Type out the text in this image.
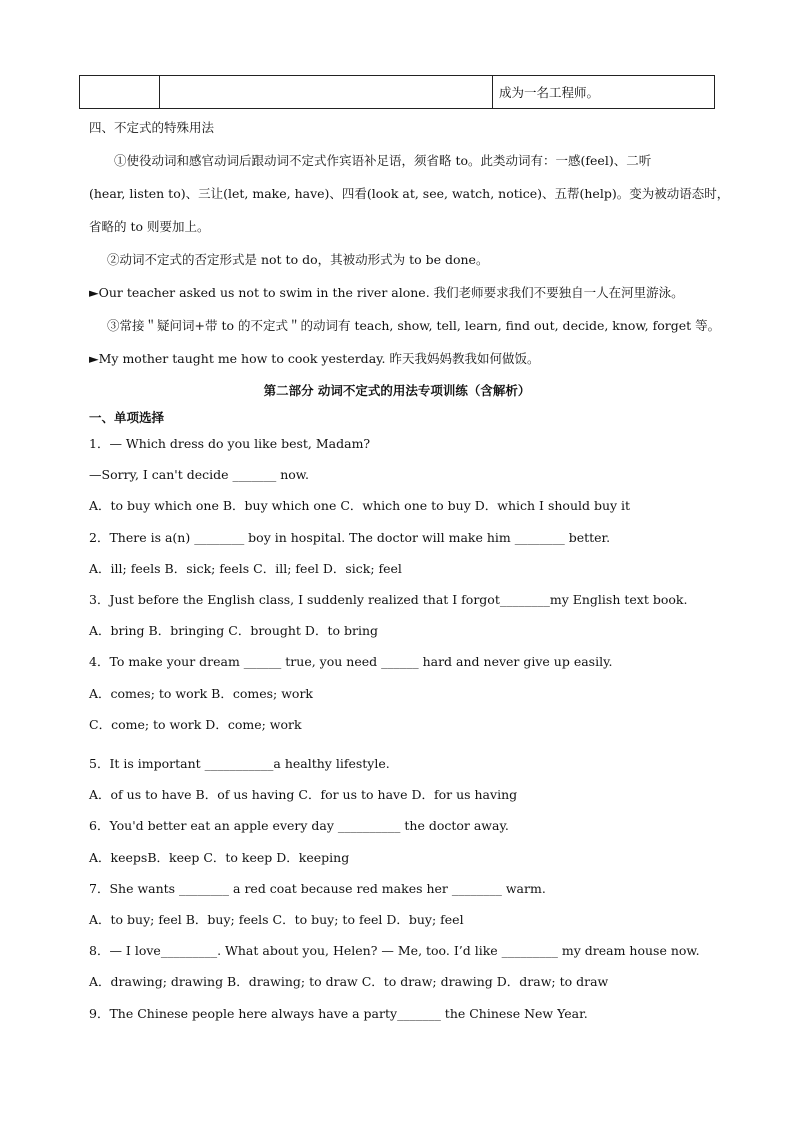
		成为一名工程师。
四、不定式的特殊用法
①使役动词和感官动词后跟动词不定式作宾语补足语，须省略 to。此类动词有：一感(feel)、二听
(hear, listen to)、三让(let, make, have)、四看(look at, see, watch, notice)、五帮(help)。变为被动语态时，
省略的 to 则要加上。
②动词不定式的否定形式是 not to do，其被动形式为 to be done。
►Our teacher asked us not to swim in the river alone. 我们老师要求我们不要独自一人在河里游泳。
③常接＂疑问词+带 to 的不定式＂的动词有 teach, show, tell, learn, find out, decide, know, forget 等。
►My mother taught me how to cook yesterday. 昨天我妈妈教我如何做饭。
第二部分 动词不定式的用法专项训练（含解析）
一、单项选择
1．— Which dress do you like best, Madam?
—Sorry, I can't decide _______ now.
A．to buy which one B．buy which one C．which one to buy D．which I should buy it
2．There is a(n) ________ boy in hospital. The doctor will make him ________ better.
A．ill; feels B．sick; feels C．ill; feel D．sick; feel
3．Just before the English class, I suddenly realized that I forgot________my English text book.
A．bring B．bringing C．brought D．to bring
4．To make your dream ______ true, you need ______ hard and never give up easily.
A．comes; to work B．comes; work
C．come; to work D．come; work
5．It is important ___________a healthy lifestyle.
A．of us to have B．of us having C．for us to have D．for us having
6．You'd better eat an apple every day __________ the doctor away.
A．keepsB．keep C．to keep D．keeping
7．She wants ________ a red coat because red makes her ________ warm.
A．to buy; feel B．buy; feels C．to buy; to feel D．buy; feel
8．— I love_________. What about you, Helen? — Me, too. I’d like _________ my dream house now.
A．drawing; drawing B．drawing; to draw C．to draw; drawing D．draw; to draw
9．The Chinese people here always have a party_______ the Chinese New Year.
